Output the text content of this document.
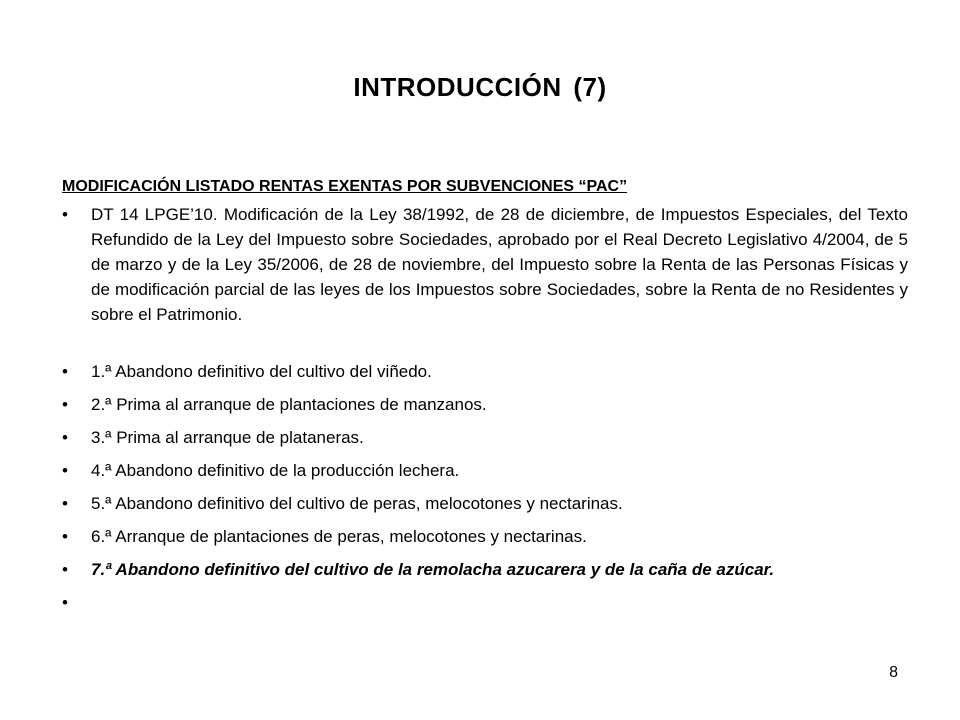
INTRODUCCIÓN (7)

MODIFICACIÓN LISTADO RENTAS EXENTAS POR SUBVENCIONES “PAC”

• DT 14 LPGE’10. Modificación de la Ley 38/1992, de 28 de diciembre, de Impuestos Especiales, del Texto Refundido de la Ley del Impuesto sobre Sociedades, aprobado por el Real Decreto Legislativo 4/2004, de 5 de marzo y de la Ley 35/2006, de 28 de noviembre, del Impuesto sobre la Renta de las Personas Físicas y de modificación parcial de las leyes de los Impuestos sobre Sociedades, sobre la Renta de no Residentes y sobre el Patrimonio.
• 1.ª Abandono definitivo del cultivo del viñedo.
• 2.ª Prima al arranque de plantaciones de manzanos.
• 3.ª Prima al arranque de plataneras.
• 4.ª Abandono definitivo de la producción lechera.
• 5.ª Abandono definitivo del cultivo de peras, melocotones y nectarinas.
• 6.ª Arranque de plantaciones de peras, melocotones y nectarinas.
• 7.ª Abandono definitivo del cultivo de la remolacha azucarera y de la caña de azúcar.
•

8
